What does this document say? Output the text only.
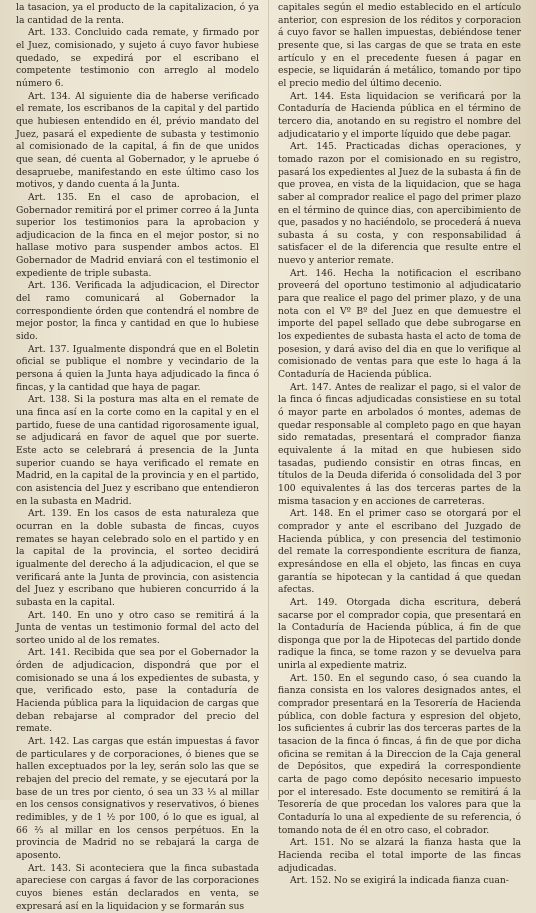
la tasacion, ya el producto de la capitalizacion, ó ya la cantidad de la renta.

Art. 133. Concluido cada remate, y firmado por el Juez, comisionado, y sujeto á cuyo favor hubiese quedado, se expedirá por el escribano el competente testimonio con arreglo al modelo número 6.

Art. 134. Al siguiente dia de haberse verificado el remate, los escribanos de la capital y del partido que hubiesen entendido en él, prévio mandato del Juez, pasará el expediente de subasta y testimonio al comisionado de la capital, á fin de que unidos que sean, dé cuenta al Gobernador, y le apruebe ó desapruebe, manifestando en este último caso los motivos, y dando cuenta á la Junta.

Art. 135. En el caso de aprobacion, el Gobernador remitirá por el primer correo á la Junta superior los testimonios para la aprobacion y adjudicacion de la finca en el mejor postor, si no hallase motivo para suspender ambos actos. El Gobernador de Madrid enviará con el testimonio el expediente de triple subasta.

Art. 136. Verificada la adjudicacion, el Director del ramo comunicará al Gobernador la correspondiente órden que contendrá el nombre de mejor postor, la finca y cantidad en que lo hubiese sido.

Art. 137. Igualmente dispondrá que en el Boletin oficial se publique el nombre y vecindario de la persona á quien la Junta haya adjudicado la finca ó fincas, y la cantidad que haya de pagar.

Art. 138. Si la postura mas alta en el remate de una finca así en la corte como en la capital y en el partido, fuese de una cantidad rigorosamente igual, se adjudicará en favor de aquel que por suerte. Este acto se celebrará á presencia de la Junta superior cuando se haya verificado el remate en Madrid, en la capital de la provincia y en el partido, con asistencia del Juez y escribano que entendieron en la subasta en Madrid.

Art. 139. En los casos de esta naturaleza que ocurran en la doble subasta de fincas, cuyos remates se hayan celebrado solo en el partido y en la capital de la provincia, el sorteo decidirá igualmente del derecho á la adjudicacion, el que se verificará ante la Junta de provincia, con asistencia del Juez y escribano que hubieren concurrido á la subasta en la capital.

Art. 140. En uno y otro caso se remitirá á la Junta de ventas un testimonio formal del acto del sorteo unido al de los remates.

Art. 141. Recibida que sea por el Gobernador la órden de adjudicacion, dispondrá que por el comisionado se una á los expedientes de subasta, y que, verificado esto, pase la contaduría de Hacienda pública para la liquidacion de cargas que deban rebajarse al comprador del precio del remate.

Art. 142. Las cargas que están impuestas á favor de particulares y de corporaciones, ó bienes que se hallen exceptuados por la ley, serán solo las que se rebajen del precio del remate, y se ejecutará por la base de un tres por ciento, ó sea un 33 ⅓ al millar en los censos consignativos y reservativos, ó bienes redimibles, y de 1 ½ por 100, ó lo que es igual, al 66 ⅔ al millar en los censos perpétuos. En la provincia de Madrid no se rebajará la carga de aposento.

Art. 143. Si aconteciera que la finca subastada apareciese con cargas á favor de las corporaciones cuyos bienes están declarados en venta, se expresará así en la liquidacion y se formarán sus

capitales según el medio establecido en el artículo anterior, con espresion de los réditos y corporacion á cuyo favor se hallen impuestas, debiéndose tener presente que, si las cargas de que se trata en este artículo y en el precedente fuesen á pagar en especie, se liquidarán á metálico, tomando por tipo el precio medio del último decenio.

Art. 144. Esta liquidacion se verificará por la Contaduría de Hacienda pública en el término de tercero dia, anotando en su registro el nombre del adjudicatario y el importe líquido que debe pagar.

Art. 145. Practicadas dichas operaciones, y tomado razon por el comisionado en su registro, pasará los expedientes al Juez de la subasta á fin de que provea, en vista de la liquidacion, que se haga saber al comprador realice el pago del primer plazo en el término de quince dias, con apercibimiento de que, pasados y no haciéndolo, se procederá á nueva subasta á su costa, y con responsabilidad á satisfacer el de la diferencia que resulte entre el nuevo y anterior remate.

Art. 146. Hecha la notificacion el escribano proveerá del oportuno testimonio al adjudicatario para que realice el pago del primer plazo, y de una nota con el Vº Bº del Juez en que demuestre el importe del papel sellado que debe subrogarse en los expedientes de subasta hasta el acto de toma de posesion, y dará aviso del dia en que lo verifique al comisionado de ventas para que este lo haga á la Contaduría de Hacienda pública.

Art. 147. Antes de realizar el pago, si el valor de la finca ó fincas adjudicadas consistiese en su total ó mayor parte en arbolados ó montes, ademas de quedar responsable al completo pago en que hayan sido rematadas, presentará el comprador fianza equivalente á la mitad en que hubiesen sido tasadas, pudiendo consistir en otras fincas, en títulos de la Deuda diferida ó consolidada del 3 por 100 equivalentes á las dos terceras partes de la misma tasacion y en acciones de carreteras.

Art. 148. En el primer caso se otorgará por el comprador y ante el escribano del Juzgado de Hacienda pública, y con presencia del testimonio del remate la correspondiente escritura de fianza, expresándose en ella el objeto, las fincas en cuya garantía se hipotecan y la cantidad á que quedan afectas.

Art. 149. Otorgada dicha escritura, deberá sacarse por el comprador copia, que presentará en la Contaduría de Hacienda pública, á fin de que disponga que por la de Hipotecas del partido donde radique la finca, se tome razon y se devuelva para unirla al expediente matriz.

Art. 150. En el segundo caso, ó sea cuando la fianza consista en los valores designados antes, el comprador presentará en la Tesorería de Hacienda pública, con doble factura y espresion del objeto, los suficientes á cubrir las dos terceras partes de la tasacion de la finca ó fincas, á fin de que por dicha oficina se remitan á la Direccion de la Caja general de Depósitos, que expedirá la correspondiente carta de pago como depósito necesario impuesto por el interesado. Este documento se remitirá á la Tesorería de que procedan los valores para que la Contaduría lo una al expediente de su referencia, ó tomando nota de él en otro caso, el cobrador.

Art. 151. No se alzará la fianza hasta que la Hacienda reciba el total importe de las fincas adjudicadas.

Art. 152. No se exigirá la indicada fianza cuan-
